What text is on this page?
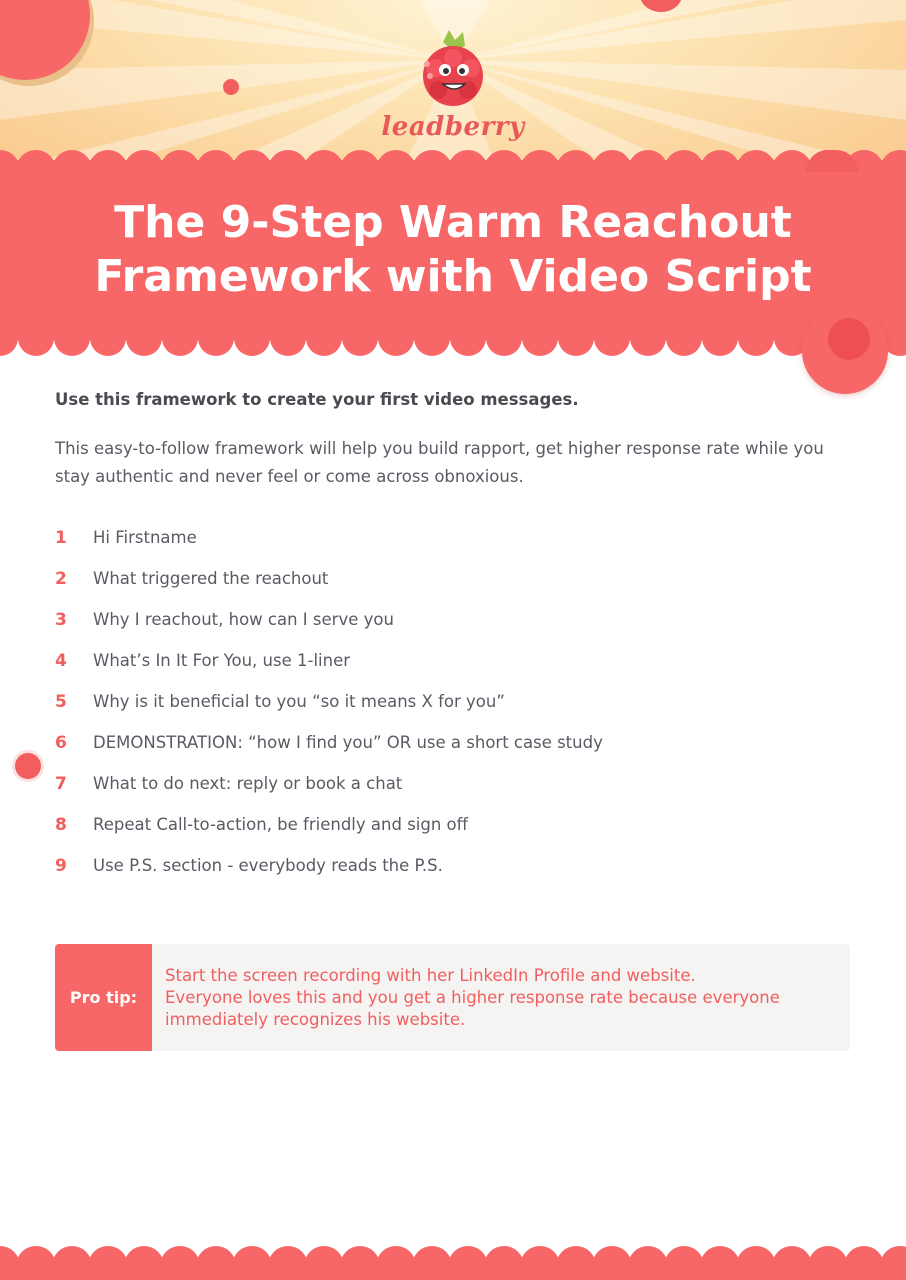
leadberry
The 9-Step Warm Reachout
Framework with Video Script

Use this framework to create your first video messages.

This easy-to-follow framework will help you build rapport, get higher response rate while you stay authentic and never feel or come across obnoxious.

1	Hi Firstname
2	What triggered the reachout
3	Why I reachout, how can I serve you
4	What’s In It For You, use 1-liner
5	Why is it beneficial to you “so it means X for you”
6	DEMONSTRATION: “how I find you” OR use a short case study
7	What to do next: reply or book a chat
8	Repeat Call-to-action, be friendly and sign off
9	Use P.S. section - everybody reads the P.S.
Pro tip:
Start the screen recording with her LinkedIn Profile and website.
Everyone loves this and you get a higher response rate because everyone
immediately recognizes his website.
